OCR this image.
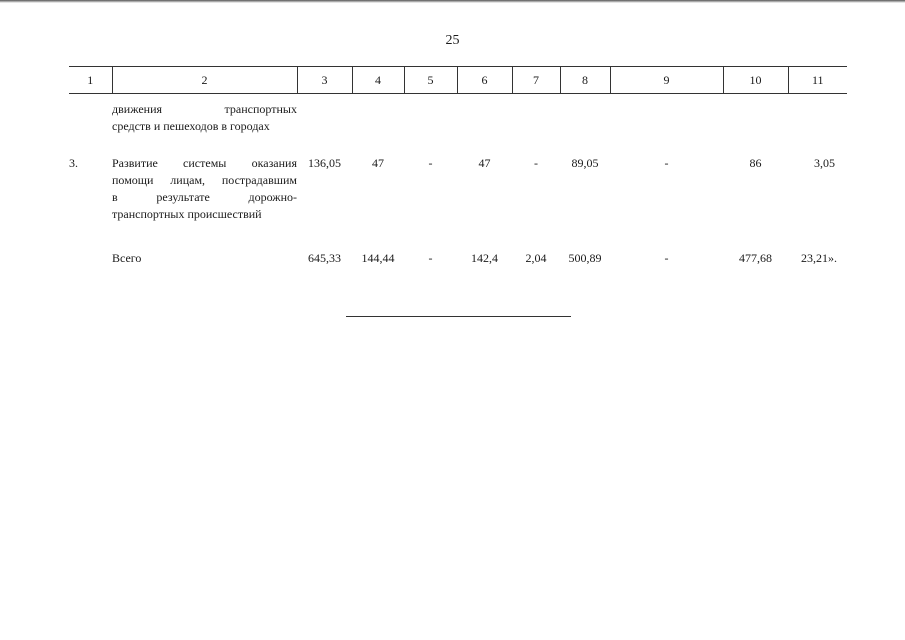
25
1	2	3	4	5	6	7	8	9	10	11

	движения транспортных
средств и пешеходов в городах									

3.	Развитие системы оказания
помощи лицам, пострадавшим
в результате дорожно-
транспортных происшествий	136,05	47	-	47	-	89,05	-	86	3,05

	Всего	645,33	144,44	-	142,4	2,04	500,89	-	477,68	23,21».
